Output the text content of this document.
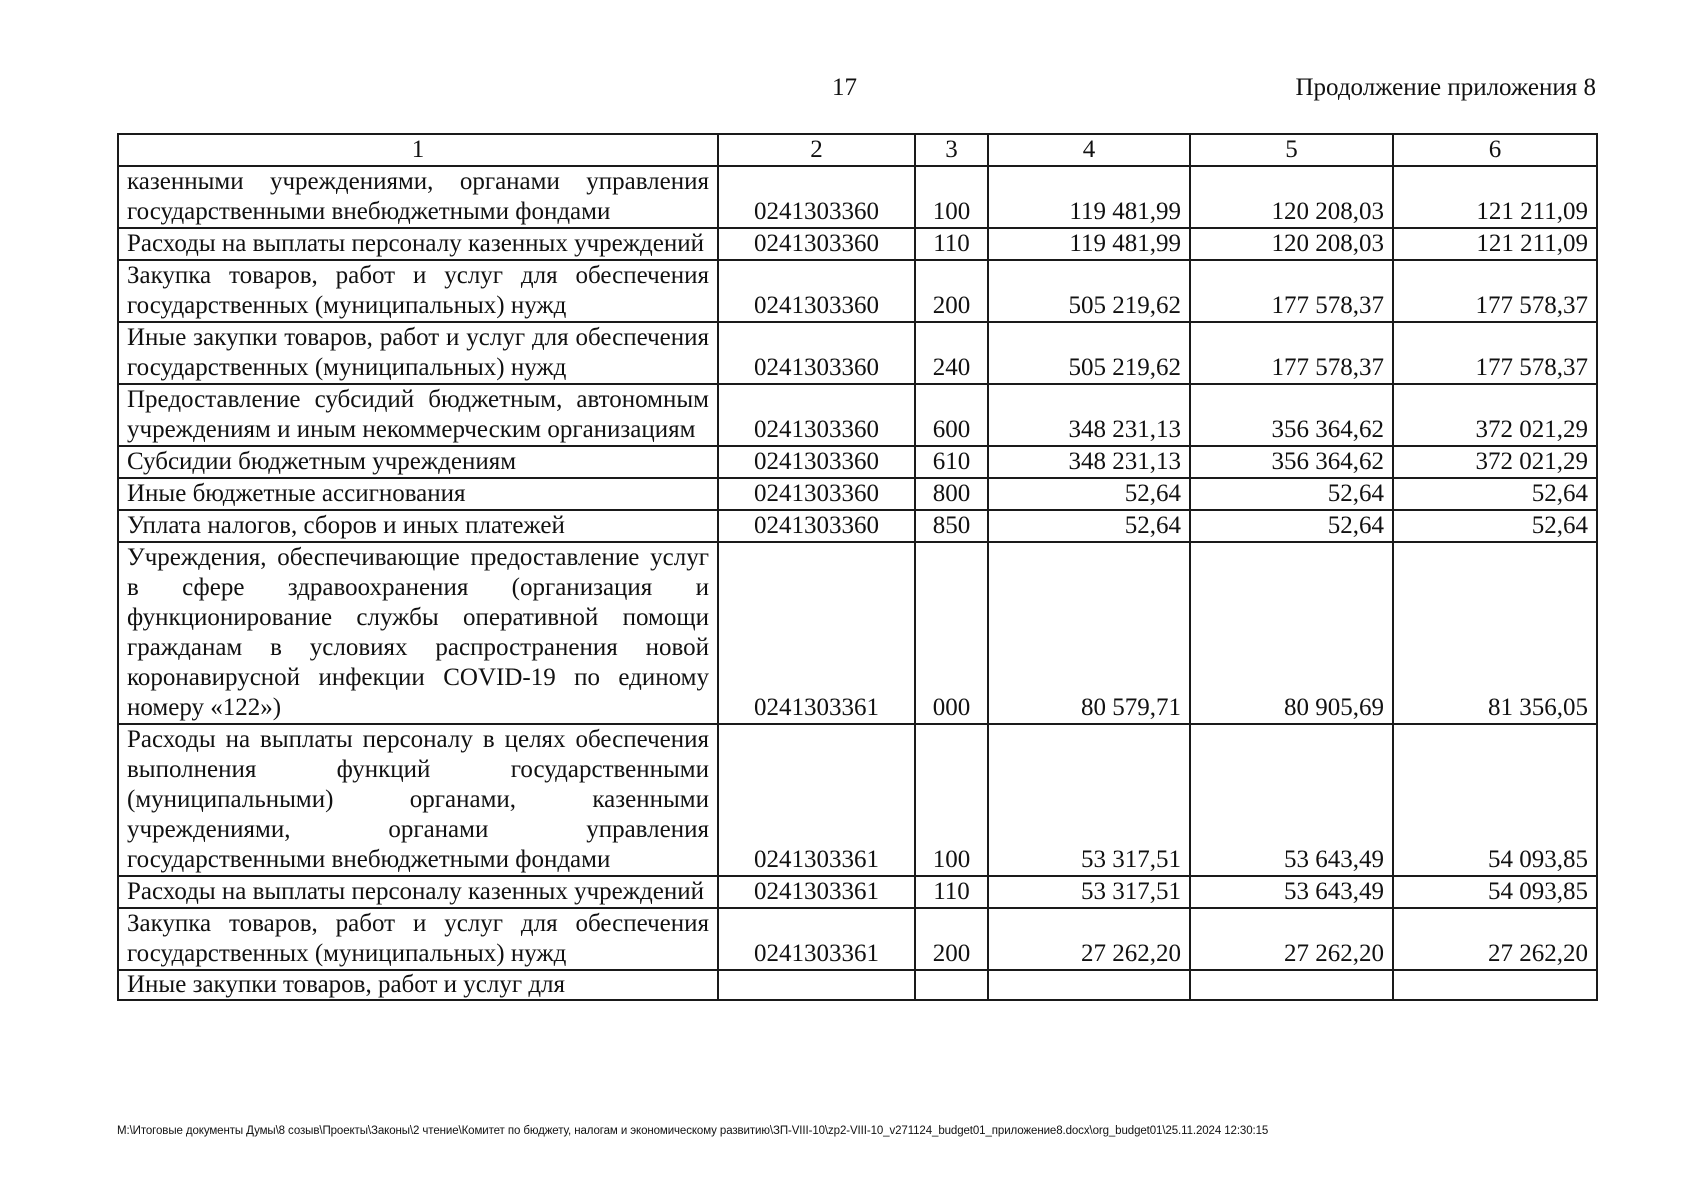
17	Продолжение приложения 8
1	2	3	4	5	6
казенными учреждениями, органами управления государственными внебюджетными фондами	0241303360	100	119 481,99	120 208,03	121 211,09
Расходы на выплаты персоналу казенных учреждений	0241303360	110	119 481,99	120 208,03	121 211,09
Закупка товаров, работ и услуг для обеспечения государственных (муниципальных) нужд	0241303360	200	505 219,62	177 578,37	177 578,37
Иные закупки товаров, работ и услуг для обеспечения государственных (муниципальных) нужд	0241303360	240	505 219,62	177 578,37	177 578,37
Предоставление субсидий бюджетным, автономным учреждениям и иным некоммерческим организациям	0241303360	600	348 231,13	356 364,62	372 021,29
Субсидии бюджетным учреждениям	0241303360	610	348 231,13	356 364,62	372 021,29
Иные бюджетные ассигнования	0241303360	800	52,64	52,64	52,64
Уплата налогов, сборов и иных платежей	0241303360	850	52,64	52,64	52,64
Учреждения, обеспечивающие предоставление услуг в сфере здравоохранения (организация и функционирование службы оперативной помощи гражданам в условиях распространения новой коронавирусной инфекции COVID-19 по единому номеру «122»)	0241303361	000	80 579,71	80 905,69	81 356,05
Расходы на выплаты персоналу в целях обеспечения выполнения функций государственными (муниципальными) органами, казенными учреждениями, органами управления государственными внебюджетными фондами	0241303361	100	53 317,51	53 643,49	54 093,85
Расходы на выплаты персоналу казенных учреждений	0241303361	110	53 317,51	53 643,49	54 093,85
Закупка товаров, работ и услуг для обеспечения государственных (муниципальных) нужд	0241303361	200	27 262,20	27 262,20	27 262,20
Иные закупки товаров, работ и услуг для					
M:\Итоговые документы Думы\8 созыв\Проекты\Законы\2 чтение\Комитет по бюджету, налогам и экономическому развитию\ЗП-VIII-10\zp2-VIII-10_v271124_budget01_приложение8.docx\org_budget01\25.11.2024 12:30:15
